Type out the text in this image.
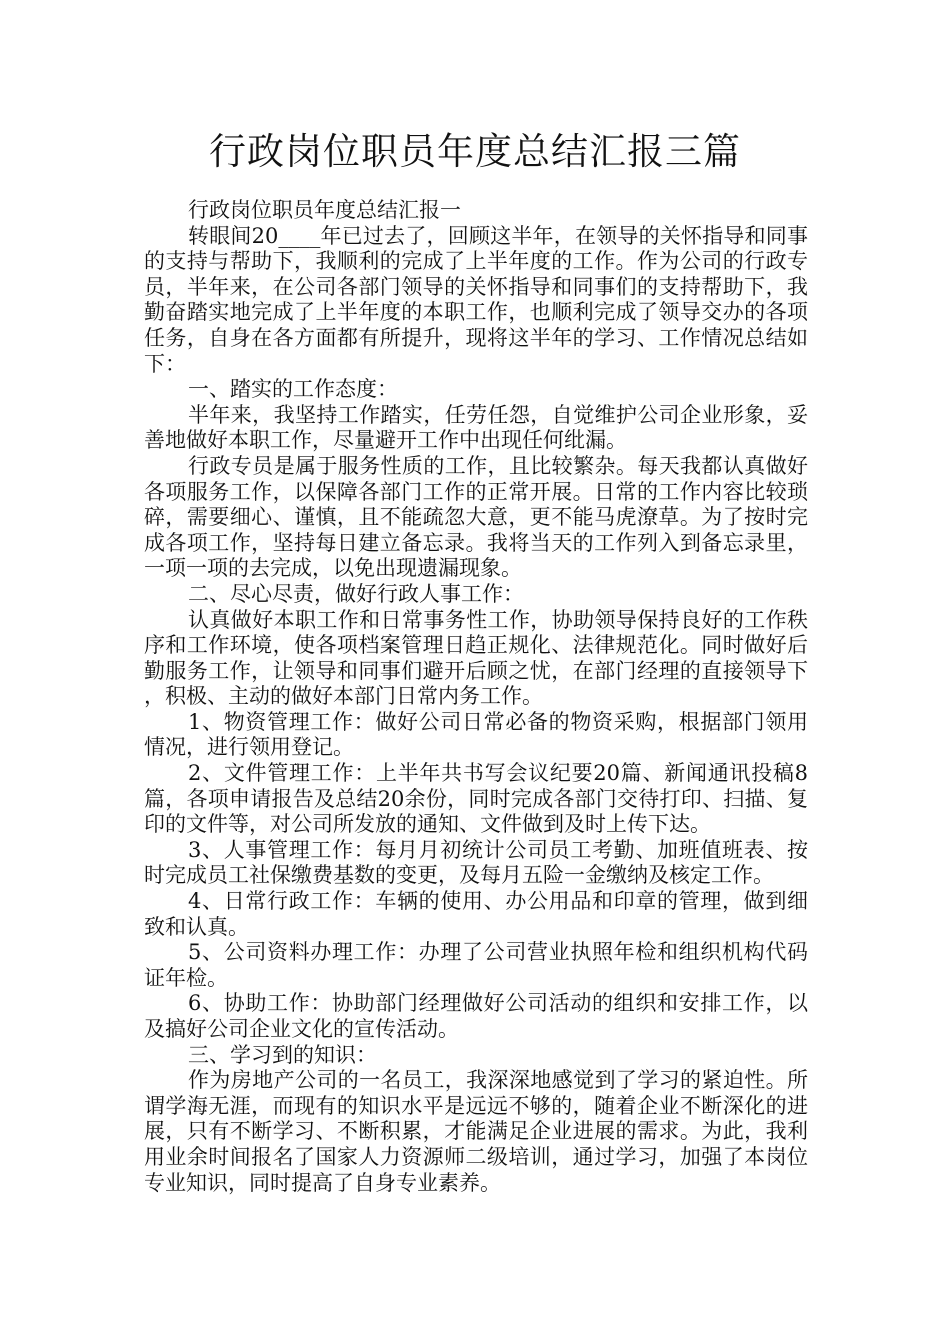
行政岗位职员年度总结汇报三篇

行政岗位职员年度总结汇报一

转眼间20____年已过去了，回顾这半年，在领导的关怀指导和同事的支持与帮助下，我顺利的完成了上半年度的工作。作为公司的行政专员，半年来，在公司各部门领导的关怀指导和同事们的支持帮助下，我勤奋踏实地完成了上半年度的本职工作，也顺利完成了领导交办的各项任务，自身在各方面都有所提升，现将这半年的学习、工作情况总结如下：

一、踏实的工作态度：

半年来，我坚持工作踏实，任劳任怨，自觉维护公司企业形象，妥善地做好本职工作，尽量避开工作中出现任何纰漏。

行政专员是属于服务性质的工作，且比较繁杂。每天我都认真做好各项服务工作，以保障各部门工作的正常开展。日常的工作内容比较琐碎，需要细心、谨慎，且不能疏忽大意，更不能马虎潦草。为了按时完成各项工作，坚持每日建立备忘录。我将当天的工作列入到备忘录里，一项一项的去完成，以免出现遗漏现象。

二、尽心尽责，做好行政人事工作：

认真做好本职工作和日常事务性工作，协助领导保持良好的工作秩序和工作环境，使各项档案管理日趋正规化、法律规范化。同时做好后勤服务工作，让领导和同事们避开后顾之忧，在部门经理的直接领导下，积极、主动的做好本部门日常内务工作。

1、物资管理工作：做好公司日常必备的物资采购，根据部门领用情况，进行领用登记。

2、文件管理工作：上半年共书写会议纪要20篇、新闻通讯投稿8篇，各项申请报告及总结20余份，同时完成各部门交待打印、扫描、复印的文件等，对公司所发放的通知、文件做到及时上传下达。

3、人事管理工作：每月月初统计公司员工考勤、加班值班表、按时完成员工社保缴费基数的变更，及每月五险一金缴纳及核定工作。

4、日常行政工作：车辆的使用、办公用品和印章的管理，做到细致和认真。

5、公司资料办理工作：办理了公司营业执照年检和组织机构代码证年检。

6、协助工作：协助部门经理做好公司活动的组织和安排工作，以及搞好公司企业文化的宣传活动。

三、学习到的知识：

作为房地产公司的一名员工，我深深地感觉到了学习的紧迫性。所谓学海无涯，而现有的知识水平是远远不够的，随着企业不断深化的进展，只有不断学习、不断积累，才能满足企业进展的需求。为此，我利用业余时间报名了国家人力资源师二级培训，通过学习，加强了本岗位专业知识，同时提高了自身专业素养。
